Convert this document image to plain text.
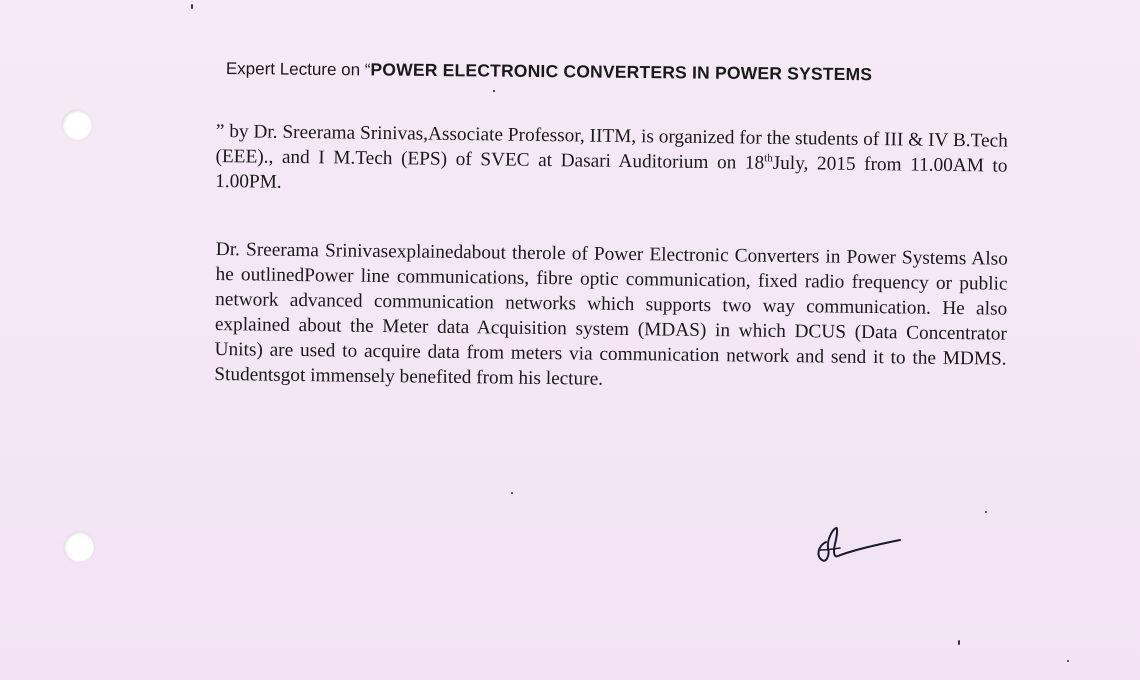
Expert Lecture on “POWER ELECTRONIC CONVERTERS IN POWER SYSTEMS

” by Dr. Sreerama Srinivas,Associate Professor, IITM, is organized for the students of III & IV B.Tech (EEE)., and I M.Tech (EPS) of SVEC at Dasari Auditorium on 18thJuly, 2015 from 11.00AM to 1.00PM.

Dr. Sreerama Srinivasexplainedabout therole of Power Electronic Converters in Power Systems Also he outlinedPower line communications, fibre optic communication, fixed radio frequency or public network advanced communication networks which supports two way communication. He also explained about the Meter data Acquisition system (MDAS) in which DCUS (Data Concentrator Units) are used to acquire data from meters via communication network and send it to the MDMS. Studentsgot immensely benefited from his lecture.
